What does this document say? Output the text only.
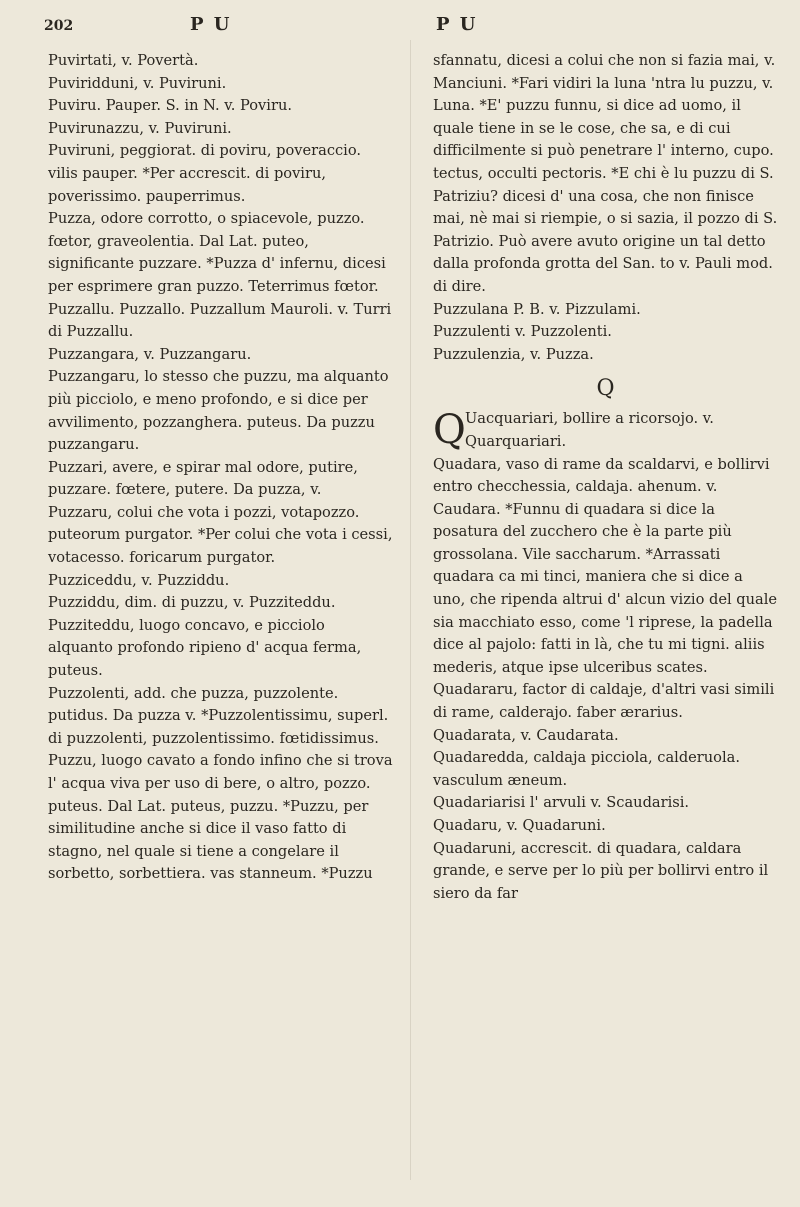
202	P U	P U

Puvirtati, v. Povertà.

Puviridduni, v. Puviruni.

Puviru. Pauper. S. in N. v. Poviru.

Puvirunazzu, v. Puviruni.

Puviruni, peggiorat. di poviru, poveraccio. vilis pauper. *Per accrescit. di poviru, poverissimo. pauperrimus.

Puzza, odore corrotto, o spiacevole, puzzo. fœtor, graveolentia. Dal Lat. puteo, significante puzzare. *Puzza d' infernu, dicesi per esprimere gran puzzo. Teterrimus fœtor.

Puzzallu. Puzzallo. Puzzallum Mauroli. v. Turri di Puzzallu.

Puzzangara, v. Puzzangaru.

Puzzangaru, lo stesso che puzzu, ma alquanto più picciolo, e meno profondo, e si dice per avvilimento, pozzanghera. puteus. Da puzzu puzzangaru.

Puzzari, avere, e spirar mal odore, putire, puzzare. fœtere, putere. Da puzza, v.

Puzzaru, colui che vota i pozzi, votapozzo. puteorum purgator. *Per colui che vota i cessi, votacesso. foricarum purgator.

Puzziceddu, v. Puzziddu.

Puzziddu, dim. di puzzu, v. Puzziteddu.

Puzziteddu, luogo concavo, e picciolo alquanto profondo ripieno d' acqua ferma, puteus.

Puzzolenti, add. che puzza, puzzolente. putidus. Da puzza v. *Puzzolentissimu, superl. di puzzolenti, puzzolentissimo. fœtidissimus.

Puzzu, luogo cavato a fondo infino che si trova l' acqua viva per uso di bere, o altro, pozzo. puteus. Dal Lat. puteus, puzzu. *Puzzu, per similitudine anche si dice il vaso fatto di stagno, nel quale si tiene a congelare il sorbetto, sorbettiera. vas stanneum. *Puzzu

sfannatu, dicesi a colui che non si fazia mai, v. Manciuni. *Fari vidiri la luna 'ntra lu puzzu, v. Luna. *E' puzzu funnu, si dice ad uomo, il quale tiene in se le cose, che sa, e di cui difficilmente si può penetrare l' interno, cupo. tectus, occulti pectoris. *E chi è lu puzzu di S. Patriziu? dicesi d' una cosa, che non finisce mai, nè mai si riempie, o si sazia, il pozzo di S. Patrizio. Può avere avuto origine un tal detto dalla profonda grotta del San. to v. Pauli mod. di dire.

Puzzulana P. B. v. Pizzulami.

Puzzulenti v. Puzzolenti.

Puzzulenzia, v. Puzza.

Q

Q Uacquariari, bollire a ricorsojo. v. Quarquariari.

Quadara, vaso di rame da scaldarvi, e bollirvi entro checchessia, caldaja. ahenum. v. Caudara. *Funnu di quadara si dice la posatura del zucchero che è la parte più grossolana. Vile saccharum. *Arrassati quadara ca mi tinci, maniera che si dice a uno, che ripenda altrui d' alcun vizio del quale sia macchiato esso, come 'l riprese, la padella dice al pajolo: fatti in là, che tu mi tigni. aliis mederis, atque ipse ulceribus scates.

Quadararu, factor di caldaje, d'altri vasi simili di rame, calderajo. faber ærarius.

Quadarata, v. Caudarata.

Quadaredda, caldaja picciola, calderuola. vasculum æneum.

Quadariarisi l' arvuli v. Scaudarisi.

Quadaru, v. Quadaruni.

Quadaruni, accrescit. di quadara, caldara grande, e serve per lo più per bollirvi entro il siero da far
